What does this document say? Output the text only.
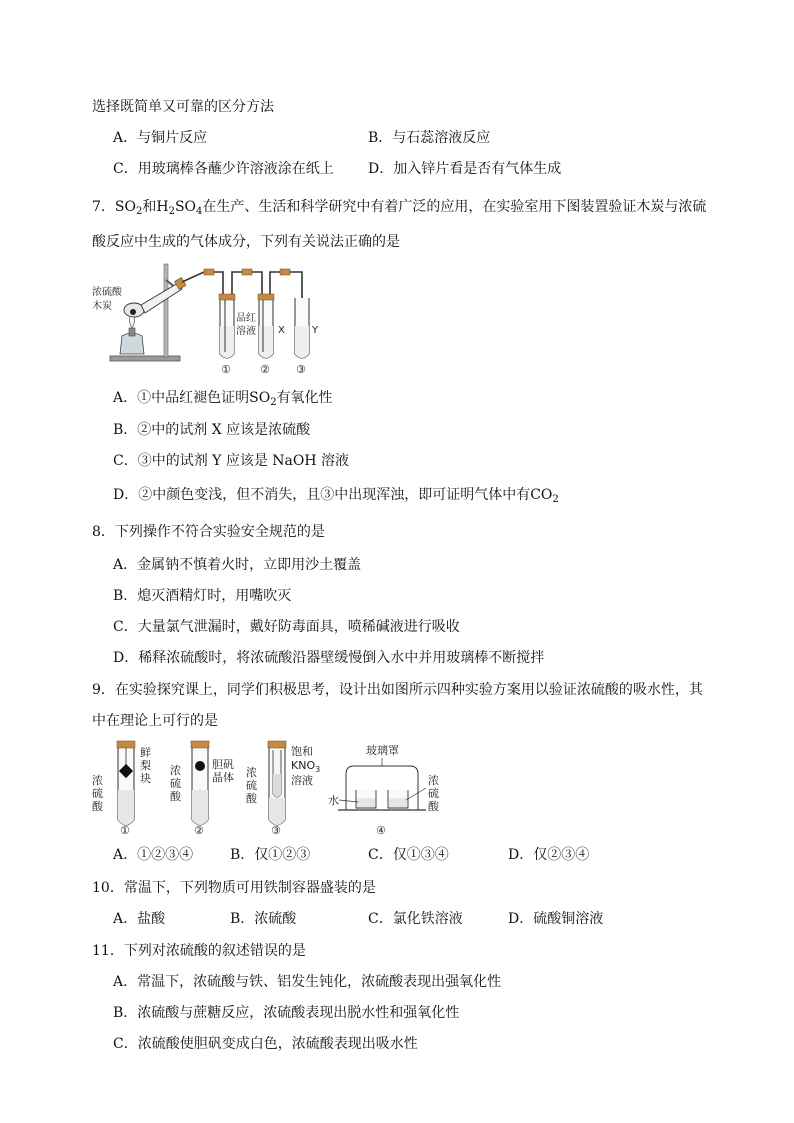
选择既简单又可靠的区分方法
A．与铜片反应	B．与石蕊溶液反应
C．用玻璃棒各蘸少许溶液涂在纸上 D．加入锌片看是否有气体生成
7．$SO_2$和$H_2SO_4$在生产、生活和科学研究中有着广泛的应用，在实验室用下图装置验证木炭与浓硫
酸反应中生成的气体成分，下列有关说法正确的是
浓硫酸
木炭
品红
溶液 X	Y
①	② ③
A．①中品红褪色证明$SO_2$有氧化性
B．②中的试剂 X 应该是浓硫酸
C．③中的试剂 Y 应该是 NaOH 溶液
D．②中颜色变浅，但不消失，且③中出现浑浊，即可证明气体中有$CO_2$
8．下列操作不符合实验安全规范的是
A．金属钠不慎着火时，立即用沙土覆盖
B．熄灭酒精灯时，用嘴吹灭
C．大量氯气泄漏时，戴好防毒面具，喷稀碱液进行吸收
D．稀释浓硫酸时，将浓硫酸沿器壁缓慢倒入水中并用玻璃棒不断搅拌
9．在实验探究课上，同学们积极思考，设计出如图所示四种实验方案用以验证浓硫酸的吸水性，其
中在理论上可行的是
浓
硫
酸
鲜
梨
块
①
浓
硫
酸
胆矾
晶体
②
浓
硫
酸
饱和
$KNO_3$
溶液
③
玻璃罩
水
浓
硫
酸
④
A．①②③④	B．仅①②③	C．仅①③④	D．仅②③④
10．常温下，下列物质可用铁制容器盛装的是
A．盐酸	B．浓硫酸	C．氯化铁溶液	D．硫酸铜溶液
11．下列对浓硫酸的叙述错误的是
A．常温下，浓硫酸与铁、铝发生钝化，浓硫酸表现出强氧化性
B．浓硫酸与蔗糖反应，浓硫酸表现出脱水性和强氧化性
C．浓硫酸使胆矾变成白色，浓硫酸表现出吸水性
